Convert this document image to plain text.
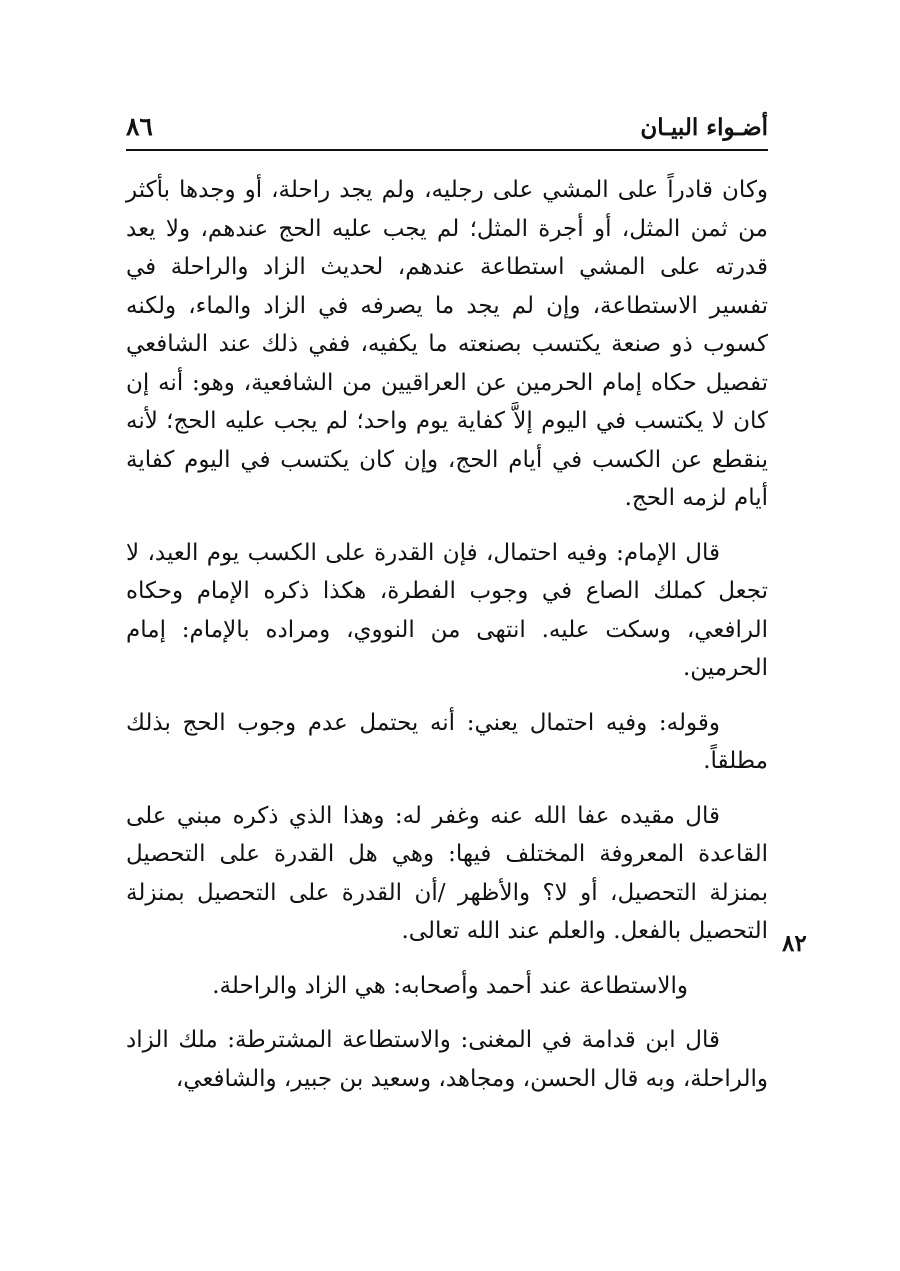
أضـواء البيـان
٨٦
٨٢

وكان قادراً على المشي على رجليه، ولم يجد راحلة، أو وجدها بأكثر من ثمن المثل، أو أجرة المثل؛ لم يجب عليه الحج عندهم، ولا يعد قدرته على المشي استطاعة عندهم، لحديث الزاد والراحلة في تفسير الاستطاعة، وإن لم يجد ما يصرفه في الزاد والماء، ولكنه كسوب ذو صنعة يكتسب بصنعته ما يكفيه، ففي ذلك عند الشافعي تفصيل حكاه إمام الحرمين عن العراقيين من الشافعية، وهو: أنه إن كان لا يكتسب في اليوم إلاَّ كفاية يوم واحد؛ لم يجب عليه الحج؛ لأنه ينقطع عن الكسب في أيام الحج، وإن كان يكتسب في اليوم كفاية أيام لزمه الحج.

قال الإمام: وفيه احتمال، فإن القدرة على الكسب يوم العيد، لا تجعل كملك الصاع في وجوب الفطرة، هكذا ذكره الإمام وحكاه الرافعي، وسكت عليه. انتهى من النووي، ومراده بالإمام: إمام الحرمين.

وقوله: وفيه احتمال يعني: أنه يحتمل عدم وجوب الحج بذلك مطلقاً.

قال مقيده عفا الله عنه وغفر له: وهذا الذي ذكره مبني على القاعدة المعروفة المختلف فيها: وهي هل القدرة على التحصيل بمنزلة التحصيل، أو لا؟ والأظهر /أن القدرة على التحصيل بمنزلة التحصيل بالفعل. والعلم عند الله تعالى.

والاستطاعة عند أحمد وأصحابه: هي الزاد والراحلة.

قال ابن قدامة في المغنى: والاستطاعة المشترطة: ملك الزاد والراحلة، وبه قال الحسن، ومجاهد، وسعيد بن جبير، والشافعي،
